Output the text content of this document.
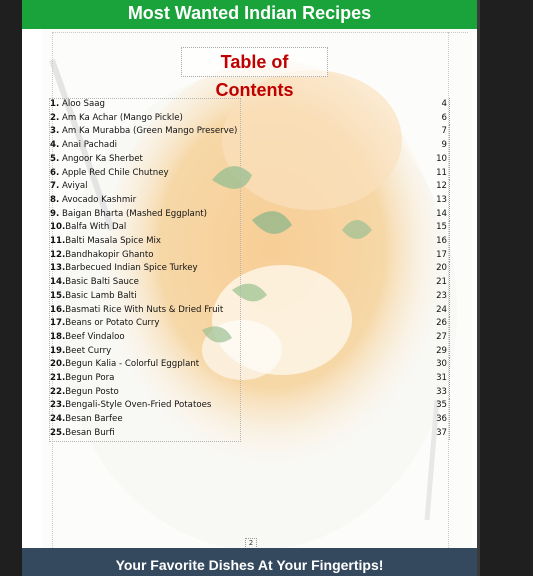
Most Wanted Indian Recipes
Table of Contents
1. Aloo Saag	4
2. Am Ka Achar (Mango Pickle)	6
3. Am Ka Murabba (Green Mango Preserve)	7
4. Anai Pachadi	9
5. Angoor Ka Sherbet	10
6. Apple Red Chile Chutney	11
7. Aviyal	12
8. Avocado Kashmir	13
9. Baigan Bharta (Mashed Eggplant)	14
10.Balfa With Dal	15
11.Balti Masala Spice Mix	16
12.Bandhakopir Ghanto	17
13.Barbecued Indian Spice Turkey	20
14.Basic Balti Sauce	21
15.Basic Lamb Balti	23
16.Basmati Rice With Nuts & Dried Fruit	24
17.Beans or Potato Curry	26
18.Beef Vindaloo	27
19.Beet Curry	29
20.Begun Kalia - Colorful Eggplant	30
21.Begun Pora	31
22.Begun Posto	33
23.Bengali-Style Oven-Fried Potatoes	35
24.Besan Barfee	36
25.Besan Burfi	37
2
Your Favorite Dishes At Your Fingertips!
